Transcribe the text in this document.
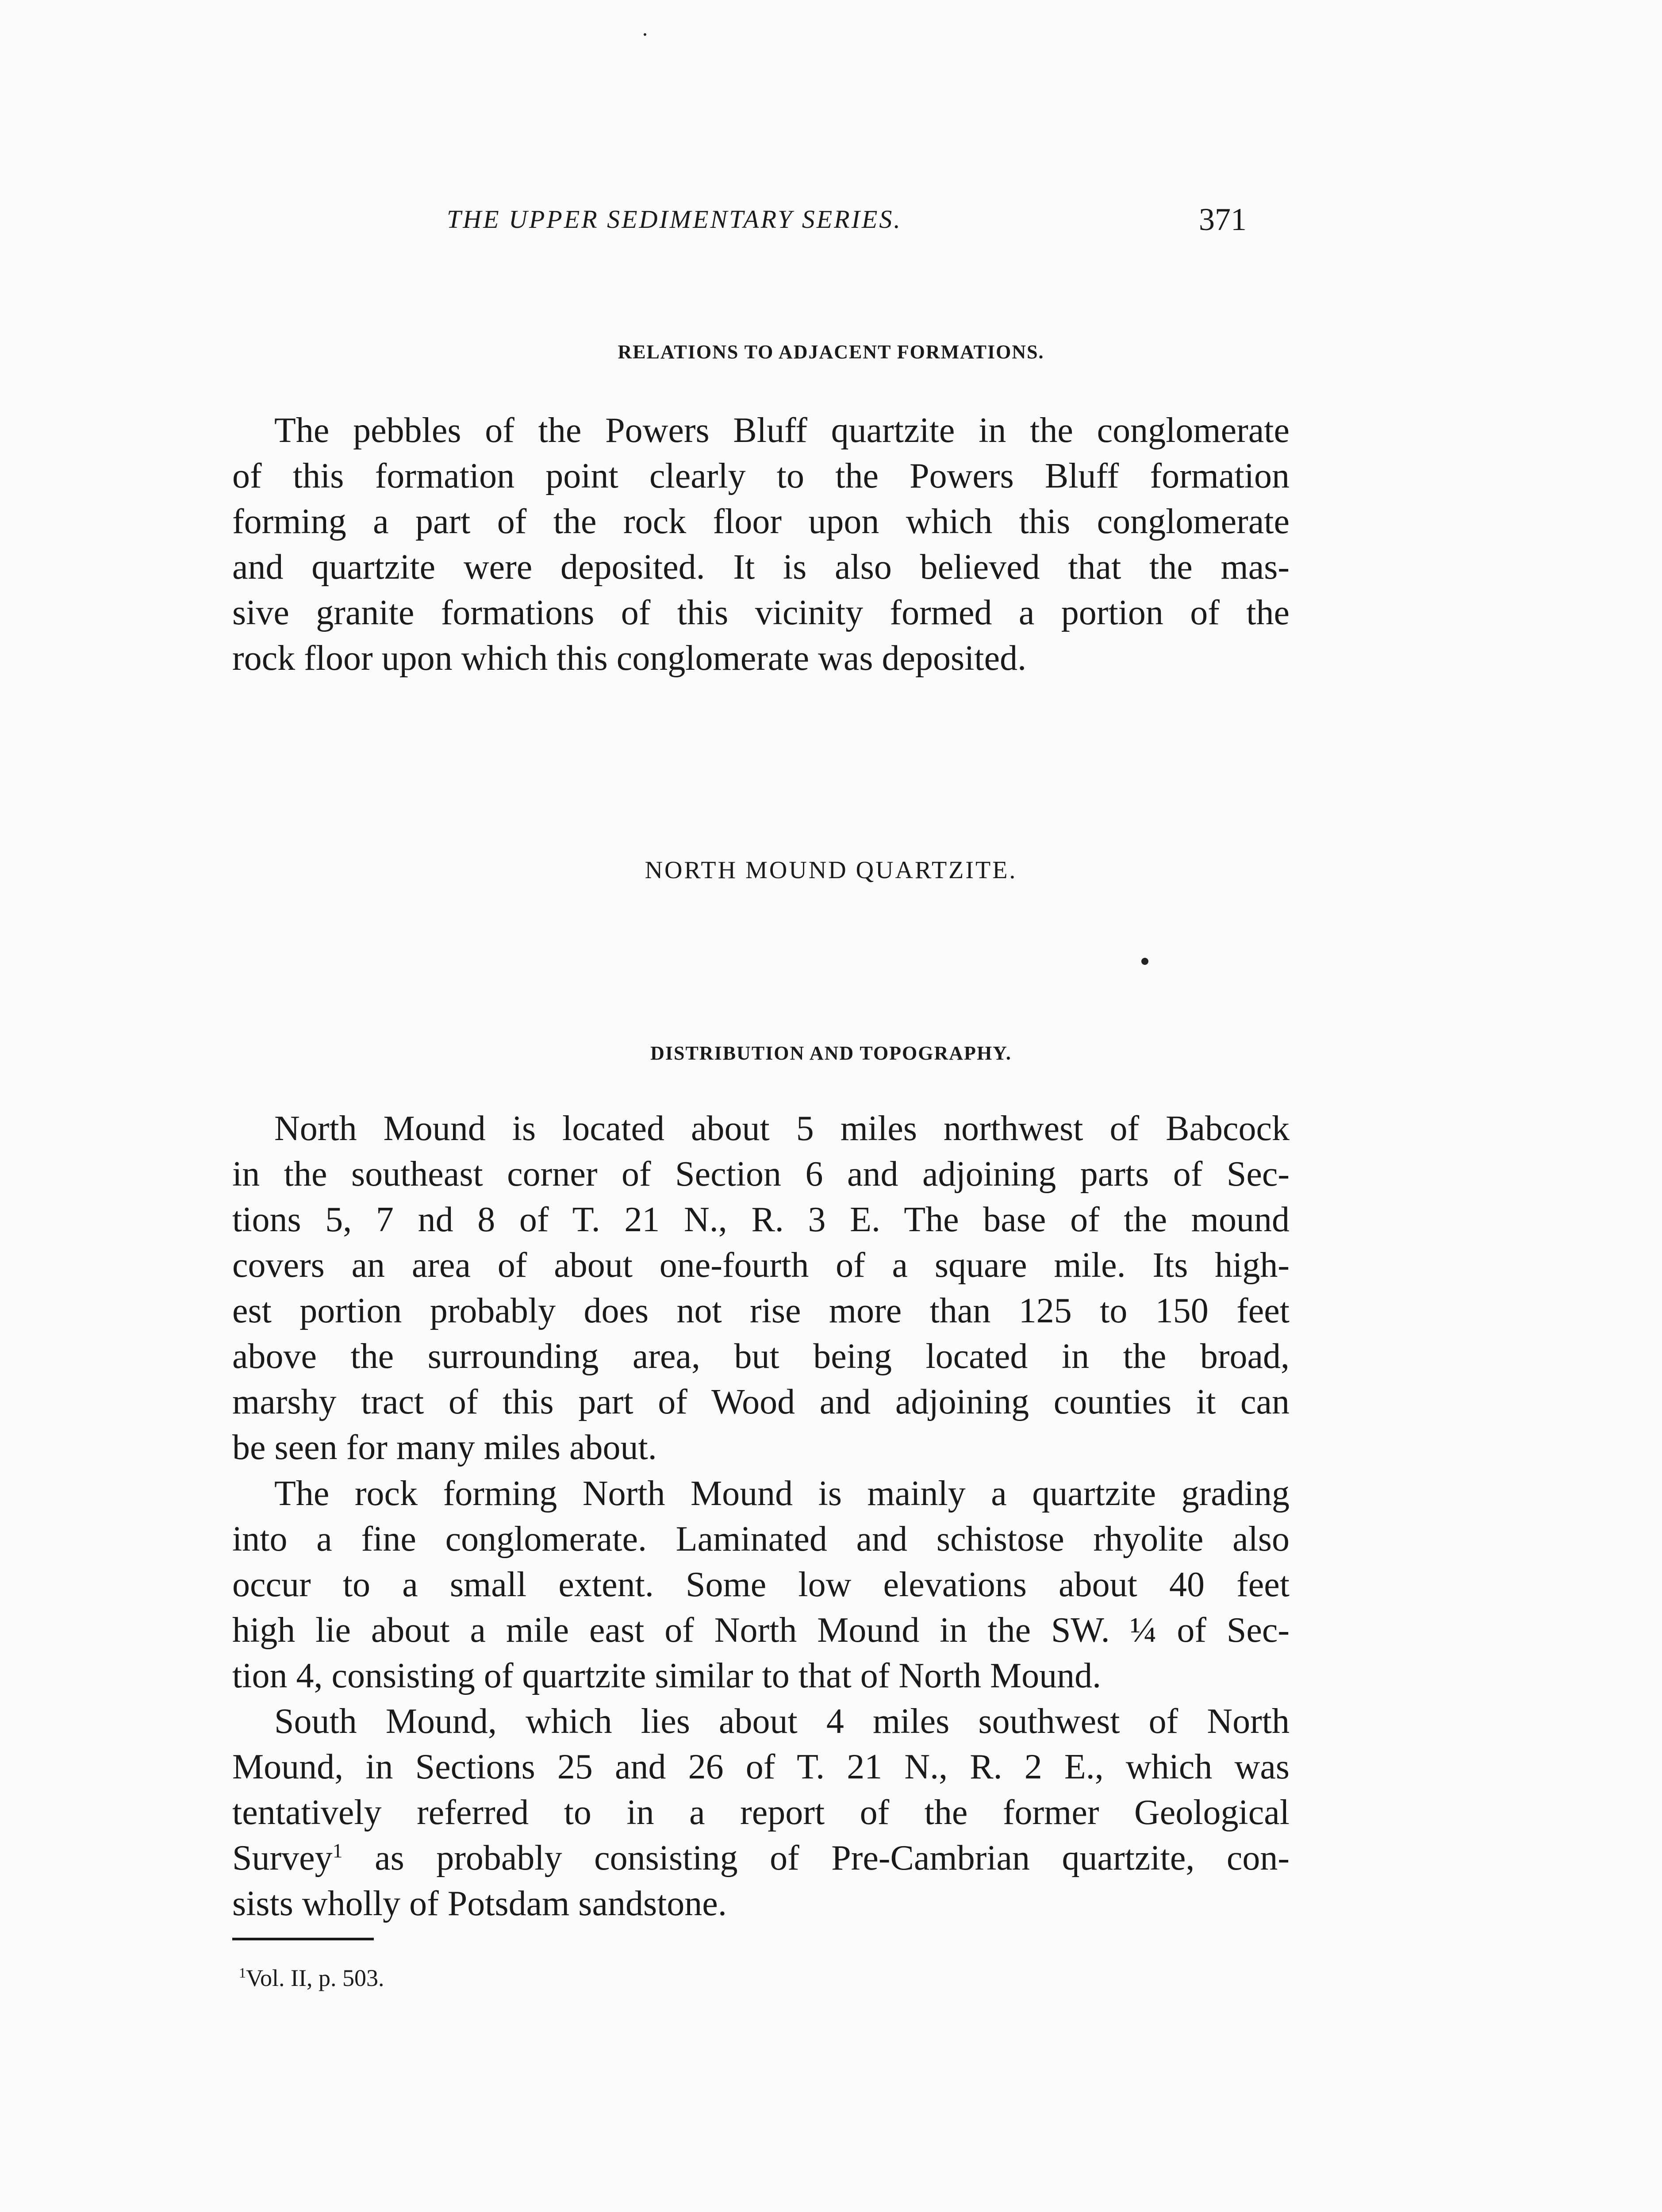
THE UPPER SEDIMENTARY SERIES.	371
RELATIONS TO ADJACENT FORMATIONS.
The pebbles of the Powers Bluff quartzite in the conglomerate
of this formation point clearly to the Powers Bluff formation
forming a part of the rock floor upon which this conglomerate
and quartzite were deposited. It is also believed that the mas-
sive granite formations of this vicinity formed a portion of the
rock floor upon which this conglomerate was deposited.
NORTH MOUND QUARTZITE.
DISTRIBUTION AND TOPOGRAPHY.
North Mound is located about 5 miles northwest of Babcock
in the southeast corner of Section 6 and adjoining parts of Sec-
tions 5, 7 nd 8 of T. 21 N., R. 3 E. The base of the mound
covers an area of about one-fourth of a square mile. Its high-
est portion probably does not rise more than 125 to 150 feet
above the surrounding area, but being located in the broad,
marshy tract of this part of Wood and adjoining counties it can
be seen for many miles about.
The rock forming North Mound is mainly a quartzite grading
into a fine conglomerate. Laminated and schistose rhyolite also
occur to a small extent. Some low elevations about 40 feet
high lie about a mile east of North Mound in the SW. ¼ of Sec-
tion 4, consisting of quartzite similar to that of North Mound.
South Mound, which lies about 4 miles southwest of North
Mound, in Sections 25 and 26 of T. 21 N., R. 2 E., which was
tentatively referred to in a report of the former Geological
Survey$^1$ as probably consisting of Pre-Cambrian quartzite, con-
sists wholly of Potsdam sandstone.
$^1$Vol. II, p. 503.
